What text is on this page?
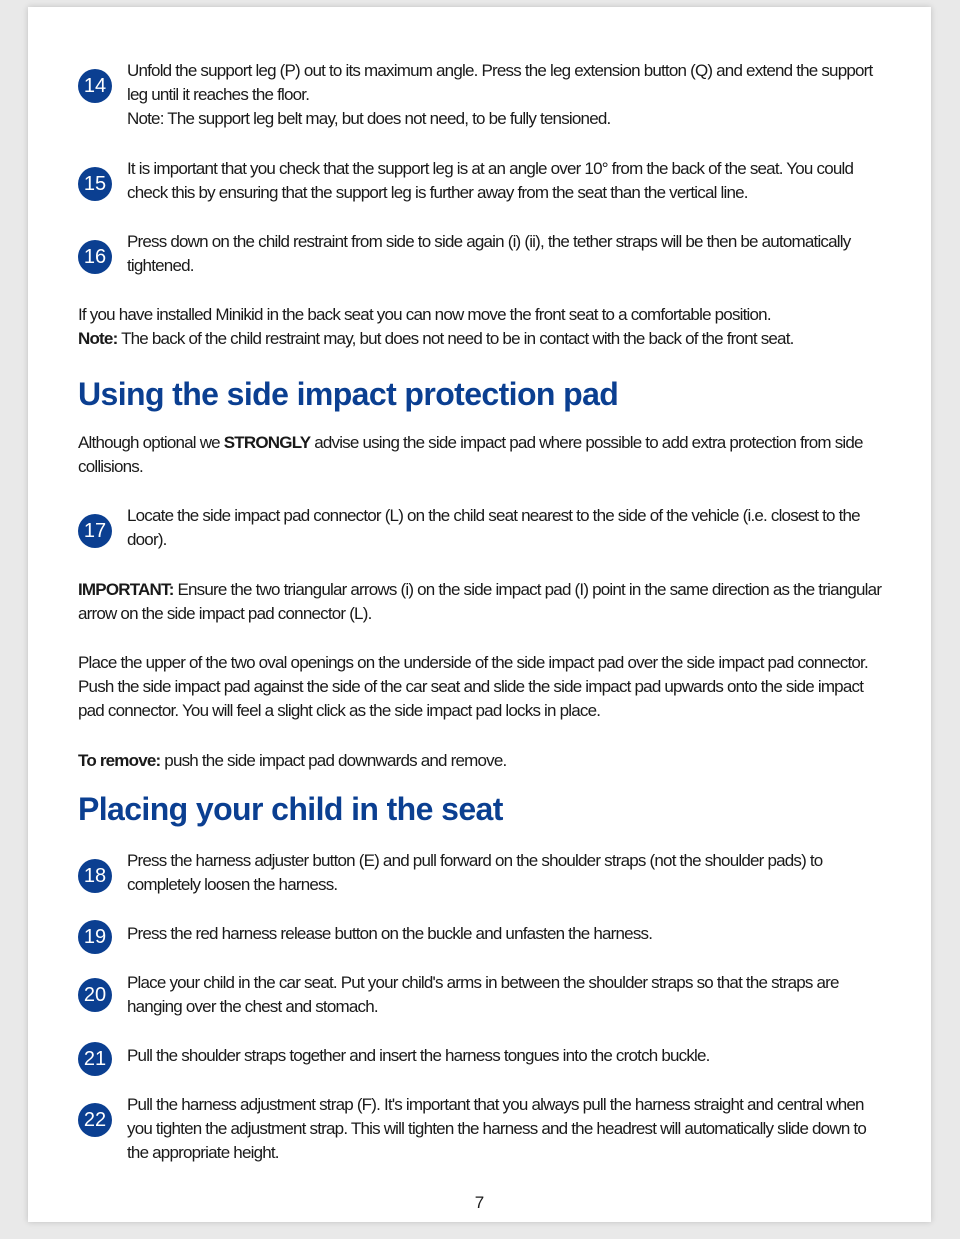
14
Unfold the support leg (P) out to its maximum angle. Press the leg extension button (Q) and extend the support leg until it reaches the floor.
Note: The support leg belt may, but does not need, to be fully tensioned.
15
It is important that you check that the support leg is at an angle over 10° from the back of the seat. You could check this by ensuring that the support leg is further away from the seat than the vertical line.
16
Press down on the child restraint from side to side again (i) (ii), the tether straps will be then be automatically tightened.
If you have installed Minikid in the back seat you can now move the front seat to a comfortable position.
Note: The back of the child restraint may, but does not need to be in contact with the back of the front seat.
Using the side impact protection pad
Although optional we STRONGLY advise using the side impact pad where possible to add extra protection from side collisions.
17
Locate the side impact pad connector (L) on the child seat nearest to the side of the vehicle (i.e. closest to the door).
IMPORTANT: Ensure the two triangular arrows (i) on the side impact pad (I) point in the same direction as the triangular arrow on the side impact pad connector (L).
Place the upper of the two oval openings on the underside of the side impact pad over the side impact pad connector. Push the side impact pad against the side of the car seat and slide the side impact pad upwards onto the side impact pad connector. You will feel a slight click as the side impact pad locks in place.
To remove: push the side impact pad downwards and remove.
Placing your child in the seat
18
Press the harness adjuster button (E) and pull forward on the shoulder straps (not the shoulder pads) to completely loosen the harness.
19	Press the red harness release button on the buckle and unfasten the harness.
20
Place your child in the car seat. Put your child's arms in between the shoulder straps so that the straps are hanging over the chest and stomach.
21	Pull the shoulder straps together and insert the harness tongues into the crotch buckle.
22
Pull the harness adjustment strap (F). It's important that you always pull the harness straight and central when you tighten the adjustment strap. This will tighten the harness and the headrest will automatically slide down to the appropriate height.
7
